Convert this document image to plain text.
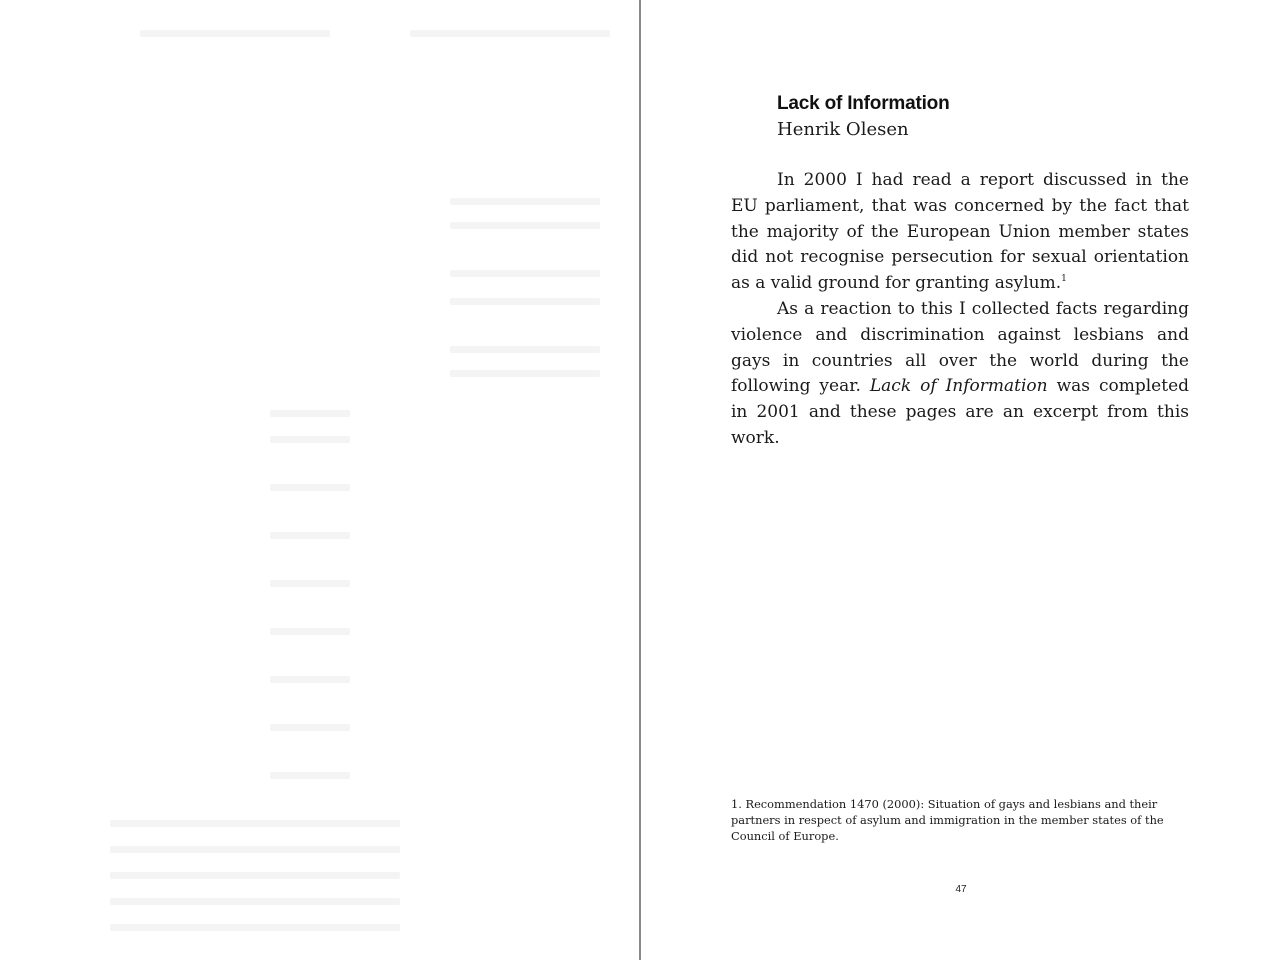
Lack of Information
Henrik Olesen

In 2000 I had read a report discussed in the EU parliament, that was concerned by the fact that the majority of the European Union member states did not recognise persecution for sexual orientation as a valid ground for granting asylum.$^1$

As a reaction to this I collected facts regarding violence and discrimination against lesbians and gays in countries all over the world during the following year. Lack of Information was completed in 2001 and these pages are an excerpt from this work.

1. Recommendation 1470 (2000): Situation of gays and lesbians and their partners in respect of asylum and immigration in the member states of the Council of Europe.

47
